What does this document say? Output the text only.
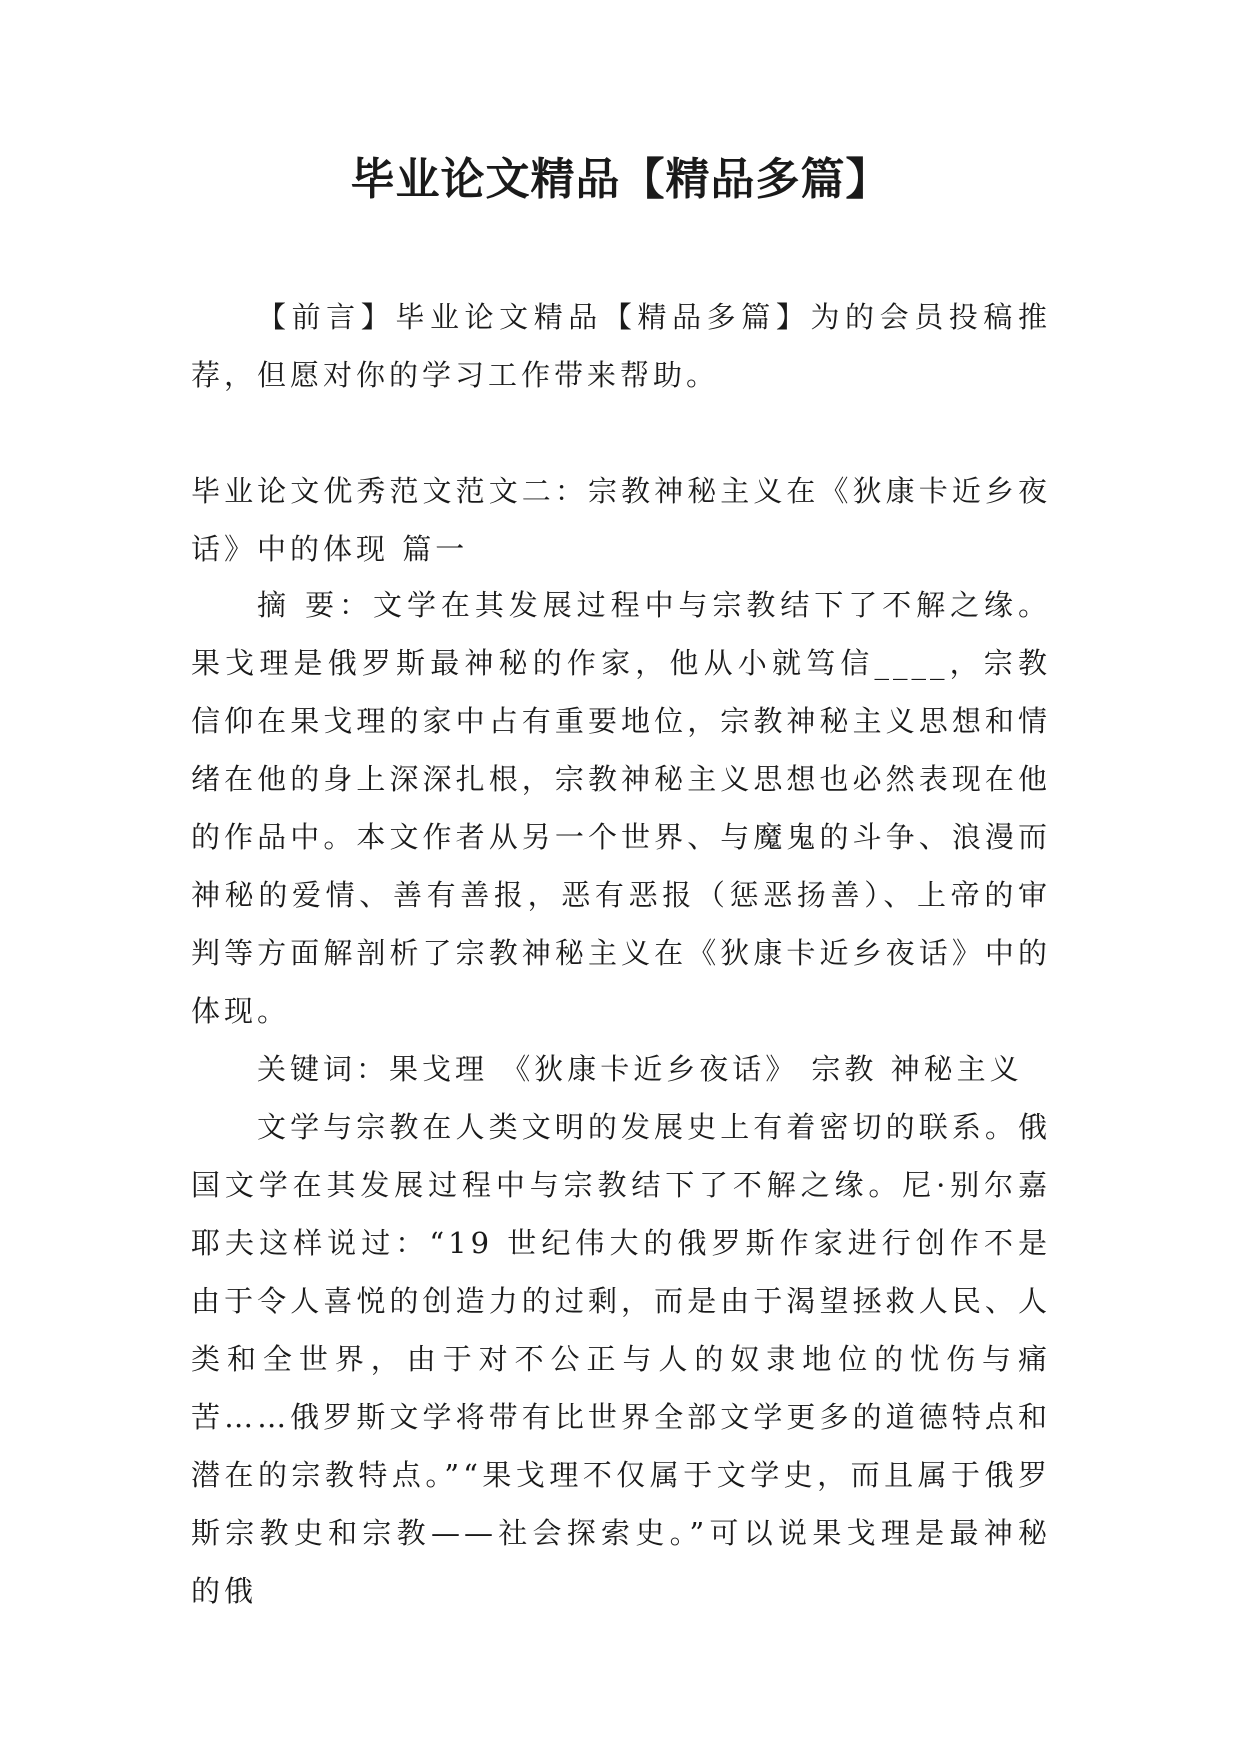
毕业论文精品【精品多篇】

【前言】毕业论文精品【精品多篇】为的会员投稿推荐，但愿对你的学习工作带来帮助。

毕业论文优秀范文范文二：宗教神秘主义在《狄康卡近乡夜话》中的体现 篇一

摘 要：文学在其发展过程中与宗教结下了不解之缘。果戈理是俄罗斯最神秘的作家，他从小就笃信____，宗教信仰在果戈理的家中占有重要地位，宗教神秘主义思想和情绪在他的身上深深扎根，宗教神秘主义思想也必然表现在他的作品中。本文作者从另一个世界、与魔鬼的斗争、浪漫而神秘的爱情、善有善报，恶有恶报（惩恶扬善）、上帝的审判等方面解剖析了宗教神秘主义在《狄康卡近乡夜话》中的体现。

关键词：果戈理 《狄康卡近乡夜话》 宗教 神秘主义

文学与宗教在人类文明的发展史上有着密切的联系。俄国文学在其发展过程中与宗教结下了不解之缘。尼·别尔嘉耶夫这样说过：“19 世纪伟大的俄罗斯作家进行创作不是由于令人喜悦的创造力的过剩，而是由于渴望拯救人民、人类和全世界，由于对不公正与人的奴隶地位的忧伤与痛苦……俄罗斯文学将带有比世界全部文学更多的道德特点和潜在的宗教特点。”“果戈理不仅属于文学史，而且属于俄罗斯宗教史和宗教——社会探索史。”可以说果戈理是最神秘的俄
